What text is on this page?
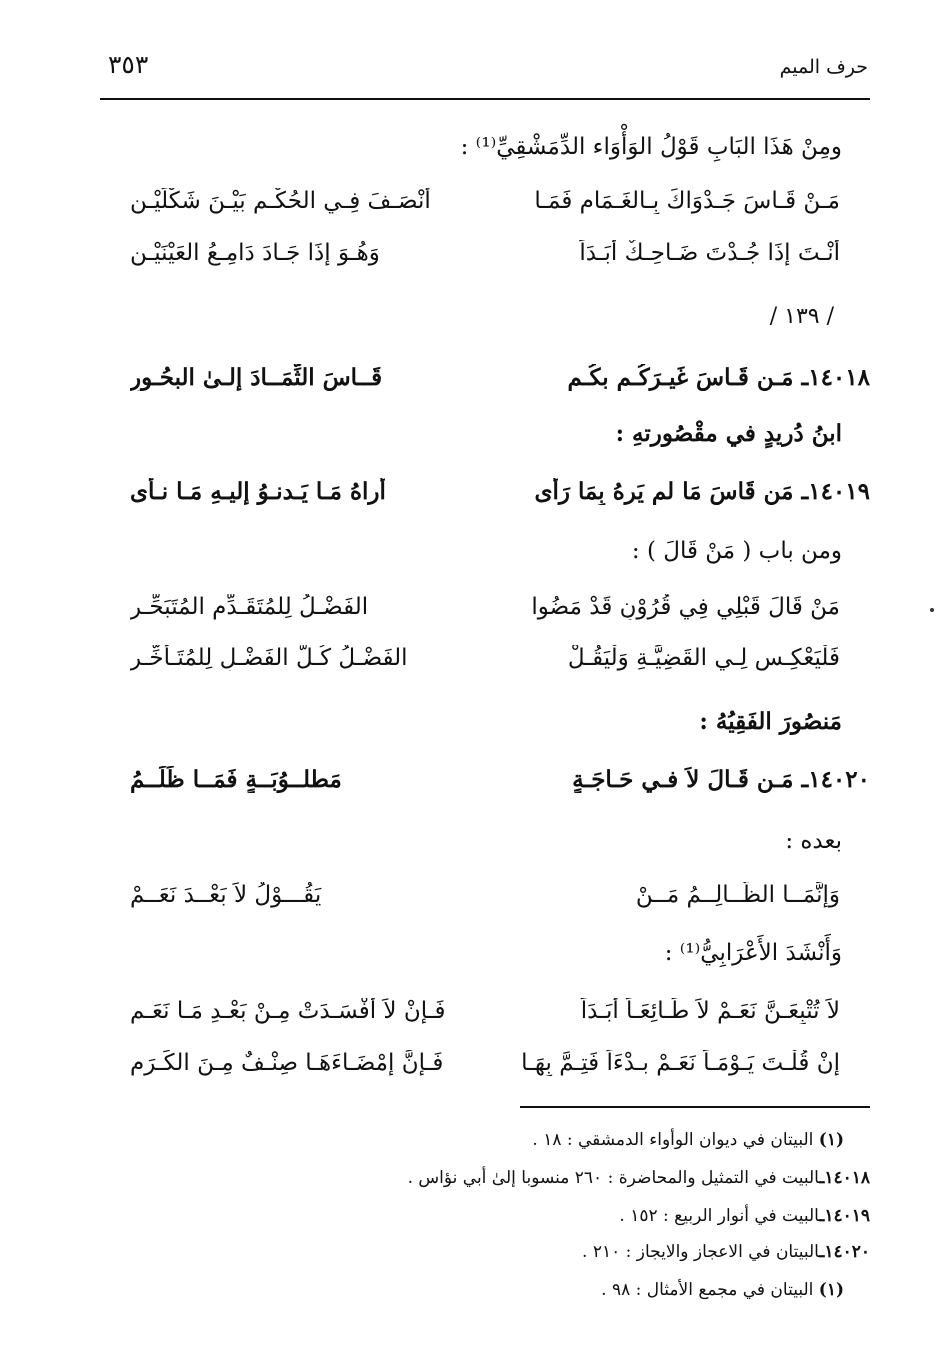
حرف الميم
٣٥٣
ومِنْ هَذَا البَابِ قَوْلُ الوَأْوَاء الدِّمَشْقِيِّ⁽¹⁾ :
مَـنْ قَـاسَ جَـدْوَاكَ بِـالغَـمَامِ فَمَـا
أَنْصَـفَ فِـي الحُكْـمِ بَيْـنَ شَكْلَيْـنِ
أَنْـتَ إِذَا جُـدْتَ ضَـاحِـكٌ أَبَـدَاً
وَهُـوَ إِذَا جَـادَ دَامِـعُ العَيْنَيْـنِ
/ ١٣٩ /
١٤٠١٨ـ مَـن قَـاسَ غَيـرَكُـم بكُـم
قَــاسَ الثِّمَــادَ إِلـىٰ البحُـورِ
ابنُ دُريدٍ في مقْصُورتهِ :
١٤٠١٩ـ مَن قَاسَ مَا لم يَرهُ بِمَا رَأَى
أَراهُ مَـا يَـدنـوُ إِليـهِ مَـا نـأَى
ومن باب ( مَنْ قَالَ ) :
مَنْ قَالَ قَبْلِي فِي قُرُوْنٍ قَدْ مَضُوا
الفَضْـلُ لِلمُتَقَـدِّمِ المُتَبَحِّـرِ
فَلْيَعْكِـسِ لِـي القَضِيَّـةِ وَلْيَقُـلْ
الفَضْـلُ كُـلُّ الفَضْـلِ لِلمُتَـأَخِّـرِ
مَنصُورَ الفَقِيُهُ :
١٤٠٢٠ـ مَـن قَـالَ لاَ فـي حَـاجَـةٍ
مَطلــوُبَــةٍ فَمَــا ظَلَــمُ
بعده :
وَإِنَّمَــا الظَّــالِــمُ مَــنْ
يَقُـــوْلُ لاَ بَعْــدَ نَعَــمْ
وَأَنْشَدَ الأَعْرَابِيُّ⁽¹⁾ :
لاَ تُتْبِعَـنَّ نَعَـمْ لاَ طَـائِعَـاً أَبَـدَاً
فَـإِنْ لاَ أَفْسَـدَتْ مِـنْ بَعْـدِ مَـا نَعَـمِ
إِنْ قُلْـتَ يَـوْمَـاً نَعَـمْ بـدْءَاً فَتِـمَّ بِهَـا
فَـإِنَّ إِمْضَـاءَهَـا صِنْـفٌ مِـنَ الكَـرَمِ
(١) البيتان في ديوان الوأواء الدمشقي : ١٨ .
١٤٠١٨ـالبيت في التمثيل والمحاضرة : ٢٦٠ منسوبا إلىٰ أبي نؤاس .
١٤٠١٩ـالبيت في أنوار الربيع : ١٥٢ .
١٤٠٢٠ـالبيتان في الاعجاز والايجاز : ٢١٠ .
(١) البيتان في مجمع الأمثال : ٩٨ .
